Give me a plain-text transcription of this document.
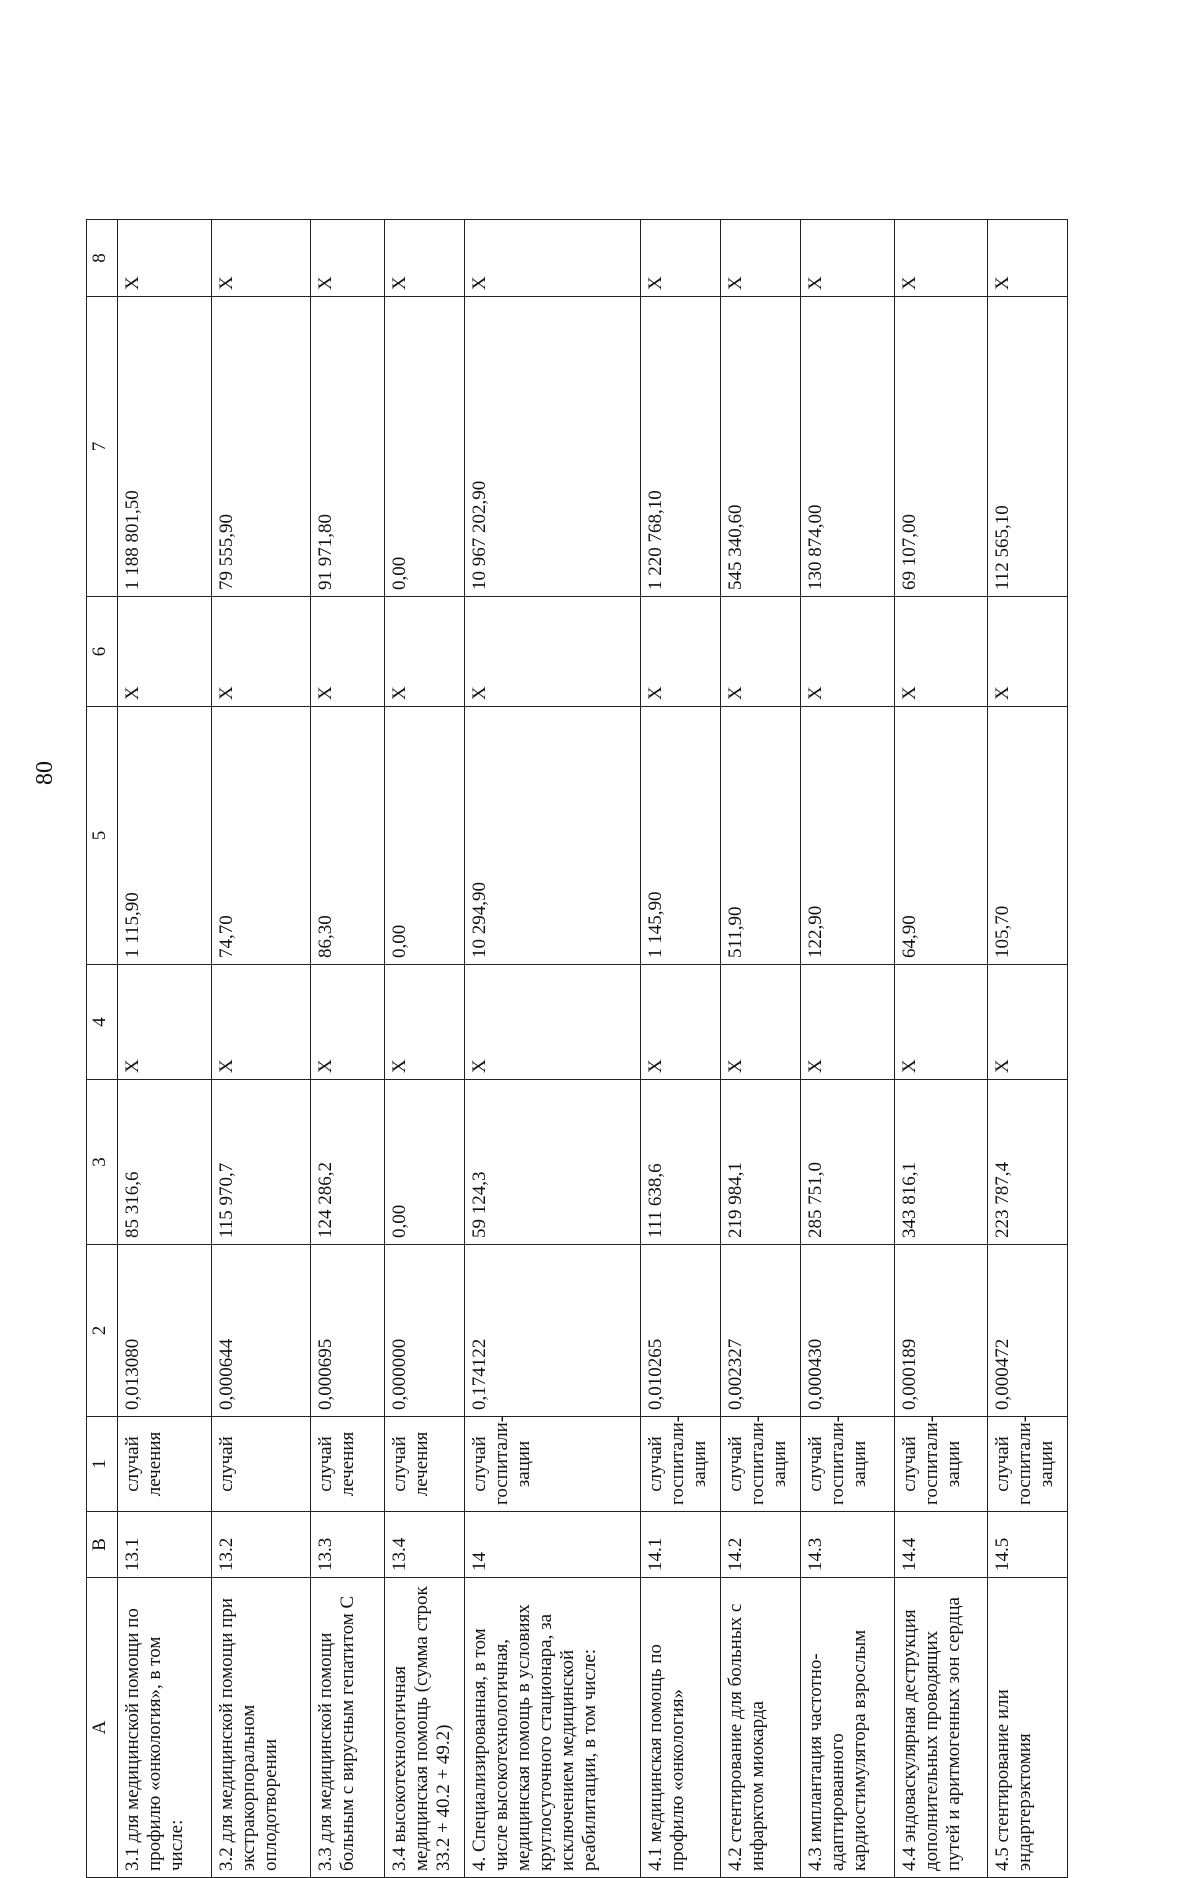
80
А	В	1	2	3	4	5	6	7	8
3.1 для медицинской помощи по профилю «онкология», в том числе:	13.1	случай лечения	0,013080	85 316,6	X	1 115,90	X	1 188 801,50	X
3.2 для медицинской помощи при экстракорпоральном оплодотворении	13.2	случай	0,000644	115 970,7	X	74,70	X	79 555,90	X
3.3 для медицинской помощи больным с вирусным гепатитом С	13.3	случай лечения	0,000695	124 286,2	X	86,30	X	91 971,80	X
3.4 высокотехнологичная медицинская помощь (сумма строк 33.2 + 40.2 + 49.2)	13.4	случай лечения	0,000000	0,00	X	0,00	X	0,00	X
4. Специализированная, в том числе высокотехнологичная, медицинская помощь в условиях круглосуточного стационара, за исключением медицинской реабилитации, в том числе:	14	случай госпитали-зации	0,174122	59 124,3	X	10 294,90	X	10 967 202,90	X
4.1 медицинская помощь по профилю «онкология»	14.1	случай госпитали-зации	0,010265	111 638,6	X	1 145,90	X	1 220 768,10	X
4.2 стентирование для больных с инфарктом миокарда	14.2	случай госпитали-зации	0,002327	219 984,1	X	511,90	X	545 340,60	X
4.3 имплантация частотно-адаптированного кардиостимулятора взрослым	14.3	случай госпитали-зации	0,000430	285 751,0	X	122,90	X	130 874,00	X
4.4 эндоваскулярная деструкция дополнительных проводящих путей и аритмогенных зон сердца	14.4	случай госпитали-зации	0,000189	343 816,1	X	64,90	X	69 107,00	X
4.5 стентирование или эндартерэктомия	14.5	случай госпитали-зации	0,000472	223 787,4	X	105,70	X	112 565,10	X
